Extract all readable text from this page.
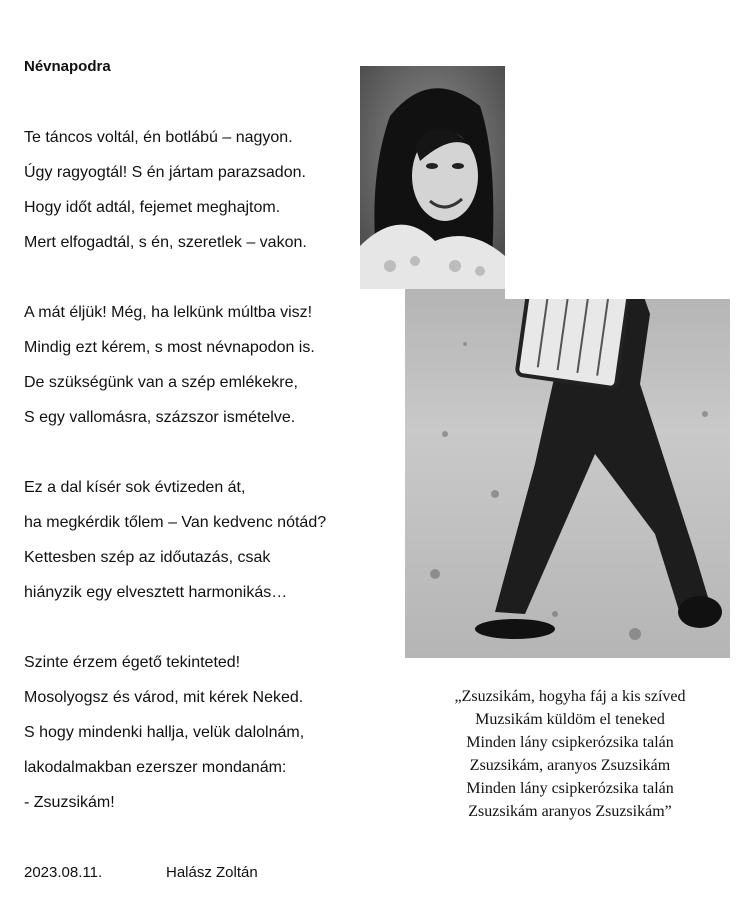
Névnapodra
Te táncos voltál, én botlábú – nagyon.
Úgy ragyogtál! S én jártam parazsadon.
Hogy időt adtál, fejemet meghajtom.
Mert elfogadtál, s én, szeretlek – vakon.
A mát éljük! Még, ha lelkünk múltba visz!
Mindig ezt kérem, s most névnapodon is.
De szükségünk van a szép emlékekre,
S egy vallomásra, százszor ismételve.
Ez a dal kísér sok évtizeden át,
ha megkérdik tőlem – Van kedvenc nótád?
Kettesben szép az időutazás, csak
hiányzik egy elvesztett harmonikás…
Szinte érzem égető tekinteted!
Mosolyogsz és várod, mit kérek Neked.
S hogy mindenki hallja, velük dalolnám,
lakodalmakban ezerszer mondanám:
- Zsuzsikám!
2023.08.11.	Halász Zoltán
„Zsuzsikám, hogyha fáj a kis szíved
Muzsikám küldöm el teneked
Minden lány csipkerózsika talán
Zsuzsikám, aranyos Zsuzsikám
Minden lány csipkerózsika talán
Zsuzsikám aranyos Zsuzsikám”
